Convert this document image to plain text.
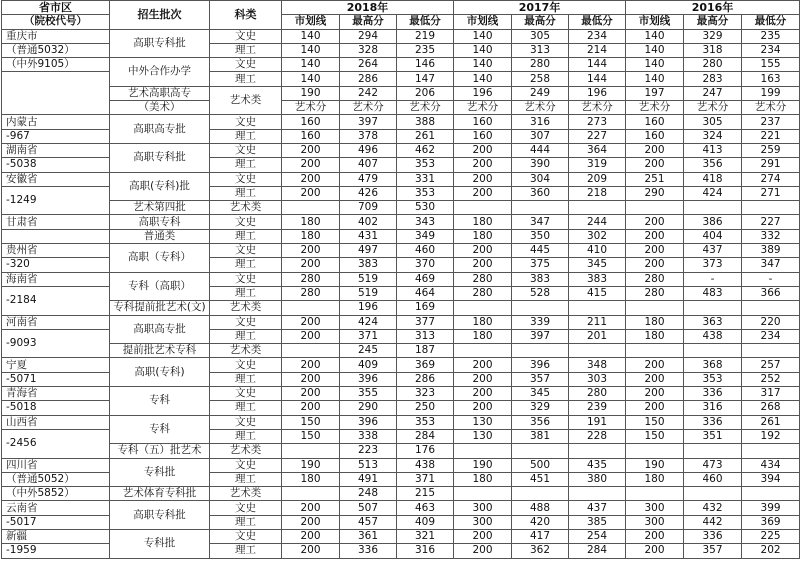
省市区	招生批次	科类	2018年			2017年			2016年		
（院校代号）			市划线	最高分	最低分	市划线	最高分	最低分	市划线	最高分	最低分
重庆市	高职专科批	文史	140	294	219	140	305	234	140	329	235
（普通5032）		理工	140	328	235	140	313	214	140	318	234
（中外9105）	中外合作办学	文史	140	264	146	140	280	144	140	280	155
		理工	140	286	147	140	258	144	140	283	163
	艺术高职高专	艺术类	190	242	206	196	249	196	197	247	199
	（美术）		艺术分	艺术分	艺术分	艺术分	艺术分	艺术分	艺术分	艺术分	艺术分
内蒙古	高职高专批	文史	160	397	388	160	316	273	160	305	237
-967		理工	160	378	261	160	307	227	160	324	221
湖南省	高职专科批	文史	200	496	462	200	444	364	200	413	259
-5038		理工	200	407	353	200	390	319	200	356	291
安徽省	高职(专科)批	文史	200	479	331	200	304	209	251	418	274
-1249		理工	200	426	353	200	360	218	290	424	271
	艺术第四批	艺术类		709	530						
甘肃省	高职专科	文史	180	402	343	180	347	244	200	386	227
	普通类	理工	180	431	349	180	350	302	200	404	332
贵州省	高职（专科）	文史	200	497	460	200	445	410	200	437	389
-320		理工	200	383	370	200	375	345	200	373	347
海南省	专科（高职）	文史	280	519	469	280	383	383	280	-	-
-2184		理工	280	519	464	280	528	415	280	483	366
	专科提前批艺术(文)	艺术类		196	169						
河南省	高职高专批	文史	200	424	377	180	339	211	180	363	220
-9093		理工	200	371	313	180	397	201	180	438	234
	提前批艺术专科	艺术类		245	187						
宁夏	高职(专科)	文史	200	409	369	200	396	348	200	368	257
-5071		理工	200	396	286	200	357	303	200	353	252
青海省	专科	文史	200	355	323	200	345	280	200	336	317
-5018		理工	200	290	250	200	329	239	200	316	268
山西省	专科	文史	150	396	353	130	356	191	150	336	261
-2456		理工	150	338	284	130	381	228	150	351	192
	专科（五）批艺术	艺术类		223	176						
四川省	专科批	文史	190	513	438	190	500	435	190	473	434
（普通5052）		理工	180	491	371	180	451	380	180	460	394
（中外5852）	艺术体育专科批	艺术类		248	215						
云南省	高职专科批	文史	200	507	463	300	488	437	300	432	399
-5017		理工	200	457	409	300	420	385	300	442	369
新疆	专科批	文史	200	361	321	200	417	254	200	336	225
-1959		理工	200	336	316	200	362	284	200	357	202
